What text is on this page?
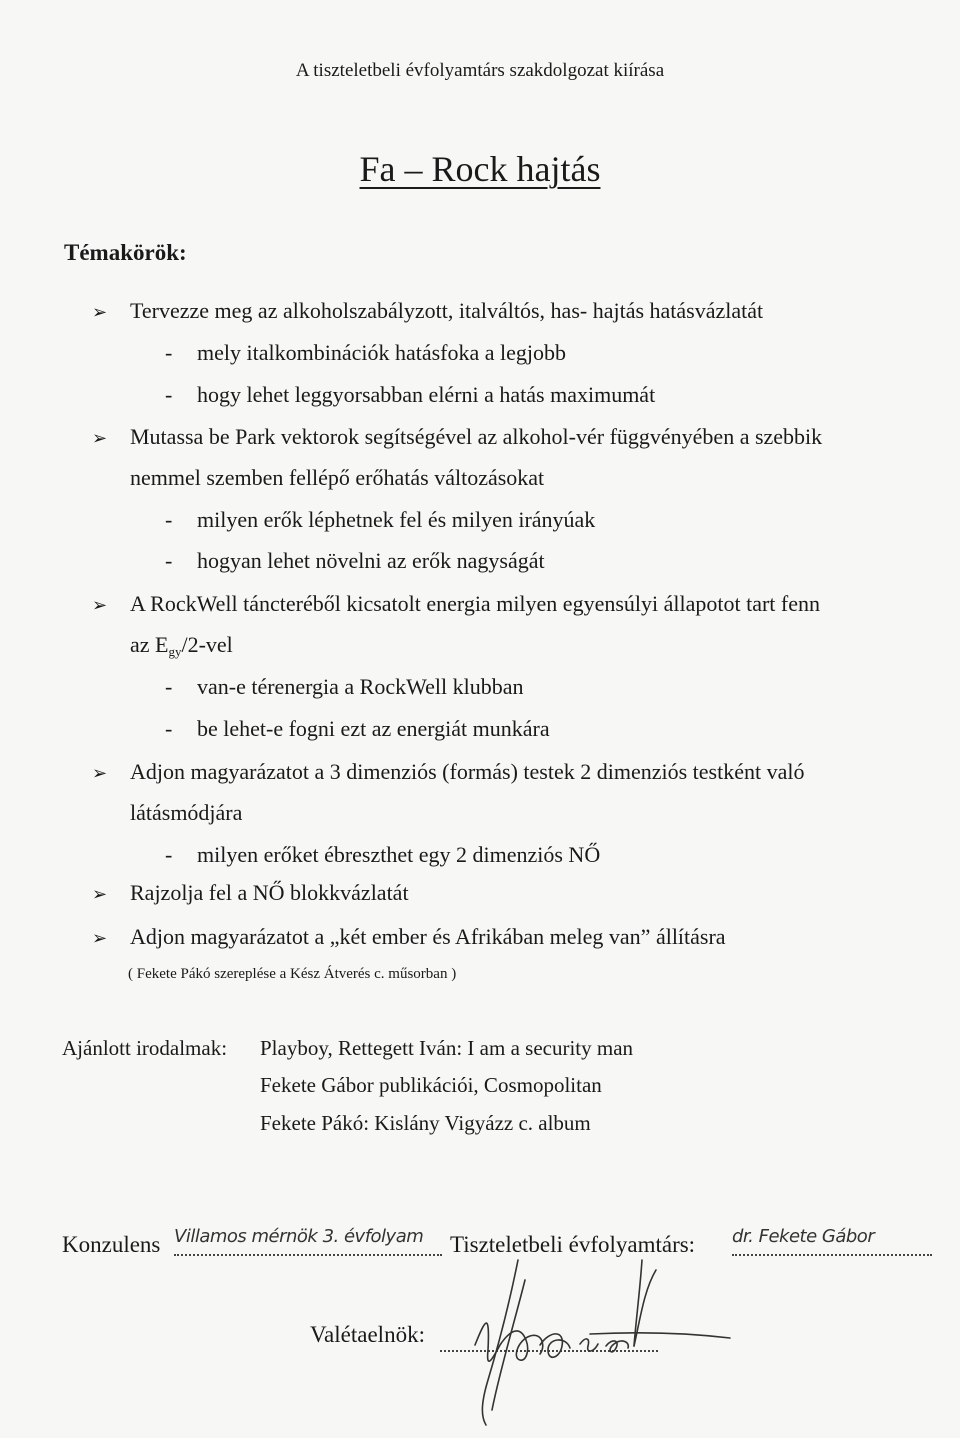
A tiszteletbeli évfolyamtárs szakdolgozat kiírása
Fa – Rock hajtás
Témakörök:
➢ Tervezze meg az alkoholszabályzott, italváltós, has- hajtás hatásvázlatát
- mely italkombinációk hatásfoka a legjobb
- hogy lehet leggyorsabban elérni a hatás maximumát
➢ Mutassa be Park vektorok segítségével az alkohol-vér függvényében a szebbik
nemmel szemben fellépő erőhatás változásokat
- milyen erők léphetnek fel és milyen irányúak
- hogyan lehet növelni az erők nagyságát
➢ A RockWell táncteréből kicsatolt energia milyen egyensúlyi állapotot tart fenn
az $E_{gy}/2$-vel
- van-e térenergia a RockWell klubban
- be lehet-e fogni ezt az energiát munkára
➢ Adjon magyarázatot a 3 dimenziós (formás) testek 2 dimenziós testként való
látásmódjára
- milyen erőket ébreszthet egy 2 dimenziós NŐ
➢ Rajzolja fel a NŐ blokkvázlatát
➢ Adjon magyarázatot a „két ember és Afrikában meleg van” állításra
( Fekete Pákó szereplése a Kész Átverés c. műsorban )
Ajánlott irodalmak: Playboy, Rettegett Iván: I am a security man
Fekete Gábor publikációi, Cosmopolitan
Fekete Pákó: Kislány Vigyázz c. album
Konzulens Villamos mérnök 3. évfolyam	Tiszteletbeli évfolyamtárs: dr. Fekete Gábor
Valétaelnök:
